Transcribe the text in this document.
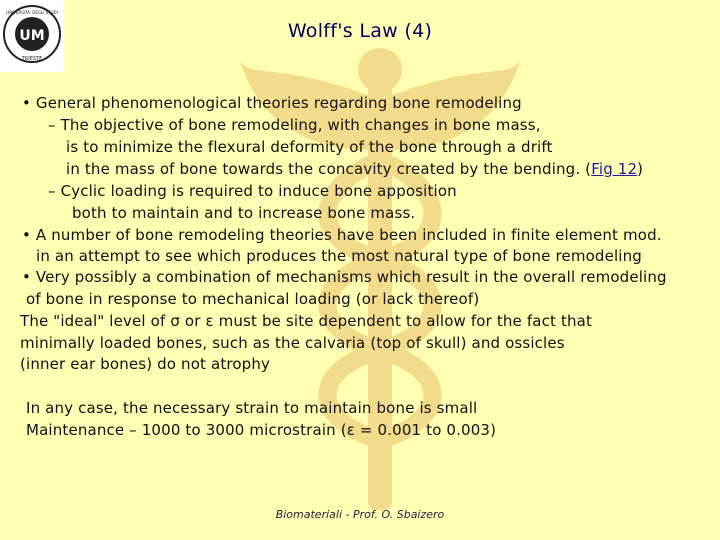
UM
UNIVERSITA' DEGLI STUDI
TRIESTE
Wolff's Law (4)
• General phenomenological theories regarding bone remodeling
– The objective of bone remodeling, with changes in bone mass,
is to minimize the flexural deformity of the bone through a drift
in the mass of bone towards the concavity created by the bending. (Fig 12)
– Cyclic loading is required to induce bone apposition
both to maintain and to increase bone mass.
• A number of bone remodeling theories have been included in finite element mod.
in an attempt to see which produces the most natural type of bone remodeling
• Very possibly a combination of mechanisms which result in the overall remodeling
of bone in response to mechanical loading (or lack thereof)
The "ideal" level of σ or ε must be site dependent to allow for the fact that
minimally loaded bones, such as the calvaria (top of skull) and ossicles
(inner ear bones) do not atrophy
In any case, the necessary strain to maintain bone is small
Maintenance – 1000 to 3000 microstrain (ε = 0.001 to 0.003)
Biomateriali - Prof. O. Sbaizero
